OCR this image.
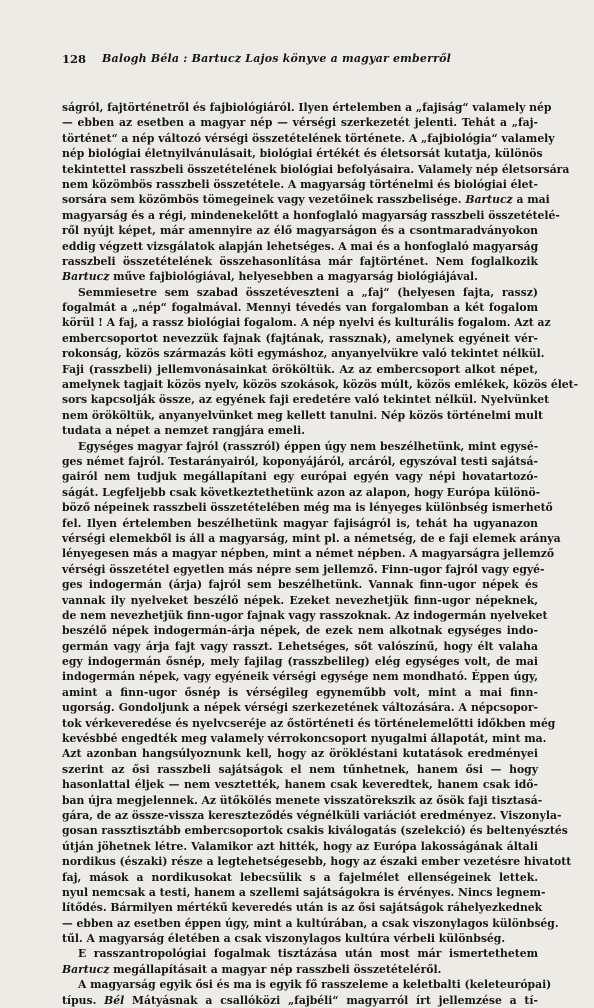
128 Balogh Béla : Bartucz Lajos könyve a magyar emberről
ságról, fajtörténetről és fajbiológiáról. Ilyen értelemben a „fajiság“ valamely nép
— ebben az esetben a magyar nép — vérségi szerkezetét jelenti. Tehát a „faj-
történet“ a nép változó vérségi összetételének története. A „fajbiológia“ valamely
nép biológiai életnyilvánulásait, biológiai értékét és életsorsát kutatja, különös
tekintettel rasszbeli összetételének biológiai befolyásaira. Valamely nép életsorsára
nem közömbös rasszbeli összetétele. A magyarság történelmi és biológiai élet-
sorsára sem közömbös tömegeinek vagy vezetőinek rasszbelisége. Bartucz a mai
magyarság és a régi, mindenekelőtt a honfoglaló magyarság rasszbeli összetételé-
ről nyújt képet, már amennyire az élő magyarságon és a csontmaradványokon
eddig végzett vizsgálatok alapján lehetséges. A mai és a honfoglaló magyarság
rasszbeli összetételének összehasonlítása már fajtörténet. Nem foglalkozik
Bartucz műve fajbiológiával, helyesebben a magyarság biológiájával.
Semmiesetre sem szabad összetéveszteni a „faj“ (helyesen fajta, rassz)
fogalmát a „nép“ fogalmával. Mennyi tévedés van forgalomban a két fogalom
körül ! A faj, a rassz biológiai fogalom. A nép nyelvi és kulturális fogalom. Azt az
embercsoportot nevezzük fajnak (fajtának, rassznak), amelynek egyéneit vér-
rokonság, közös származás köti egymáshoz, anyanyelvükre való tekintet nélkül.
Faji (rasszbeli) jellemvonásainkat örököltük. Az az embercsoport alkot népet,
amelynek tagjait közös nyelv, közös szokások, közös múlt, közös emlékek, közös élet-
sors kapcsolják össze, az egyének faji eredetére való tekintet nélkül. Nyelvünket
nem örököltük, anyanyelvünket meg kellett tanulni. Nép közös történelmi mult
tudata a népet a nemzet rangjára emeli.
Egységes magyar fajról (rasszról) éppen úgy nem beszélhetünk, mint egysé-
ges német fajról. Testarányairól, koponyájáról, arcáról, egyszóval testi sajátsá-
gairól nem tudjuk megállapítani egy európai egyén vagy népi hovatartozó-
ságát. Legfeljebb csak következtethetünk azon az alapon, hogy Európa különö-
böző népeinek rasszbeli összetételében még ma is lényeges különbség ismerhető
fel. Ilyen értelemben beszélhetünk magyar fajiságról is, tehát ha ugyanazon
vérségi elemekből is áll a magyarság, mint pl. a németség, de e faji elemek aránya
lényegesen más a magyar népben, mint a német népben. A magyarságra jellemző
vérségi összetétel egyetlen más népre sem jellemző. Finn-ugor fajról vagy egyé-
ges indogermán (árja) fajról sem beszélhetünk. Vannak finn-ugor népek és
vannak ily nyelveket beszélő népek. Ezeket nevezhetjük finn-ugor népeknek,
de nem nevezhetjük finn-ugor fajnak vagy rasszoknak. Az indogermán nyelveket
beszélő népek indogermán-árja népek, de ezek nem alkotnak egységes indo-
germán vagy árja fajt vagy rasszt. Lehetséges, sőt valószínű, hogy élt valaha
egy indogermán ősnép, mely fajilag (rasszbelileg) elég egységes volt, de mai
indogermán népek, vagy egyéneik vérségi egysége nem mondható. Éppen úgy,
amint a finn-ugor ősnép is vérségileg egyneműbb volt, mint a mai finn-
ugorság. Gondoljunk a népek vérségi szerkezetének változására. A népcsopor-
tok vérkeveredése és nyelvcseréje az őstörténeti és történelemelőtti időkben még
kevésbbé engedték meg valamely vérrokoncsoport nyugalmi állapotát, mint ma.
Azt azonban hangsúlyoznunk kell, hogy az örökléstani kutatások eredményei
szerint az ősi rasszbeli sajátságok el nem tűnhetnek, hanem ősi — hogy
hasonlattal éljek — nem vesztették, hanem csak keveredtek, hanem csak idő-
ban újra megjelennek. Az ütőkölés menete visszatörekszik az ősök faji tisztasá-
gára, de az össze-vissza kereszteződés végnélküli variációt eredményez. Viszonyla-
gosan rassztisztább embercsoportok csakis kiválogatás (szelekció) és beltenyésztés
útján jöhetnek létre. Valamikor azt hitték, hogy az Európa lakosságának általi
nordikus (északi) része a legtehetségesebb, hogy az északi ember vezetésre hivatott
faj, mások a nordikusokat lebecsülik s a fajelmélet ellenségeinek lettek.
nyul nemcsak a testi, hanem a szellemi sajátságokra is érvényes. Nincs legnem-
lítődés. Bármilyen mértékű keveredés után is az ősi sajátságok ráhelyezkednek
— ebben az esetben éppen úgy, mint a kultúrában, a csak viszonylagos különbség.
tűl. A magyarság életében a csak viszonylagos kultúra vérbeli különbség.
E rasszantropológiai fogalmak tisztázása után most már ismertethetem
Bartucz megállapításait a magyar nép rasszbeli összetételéről.
A magyarság egyik ősi és ma is egyik fő rasszeleme a keletbalti (keleteurópai)
típus. Bél Mátyásnak a csallóközi „fajbéli“ magyarról írt jellemzése a tí-
